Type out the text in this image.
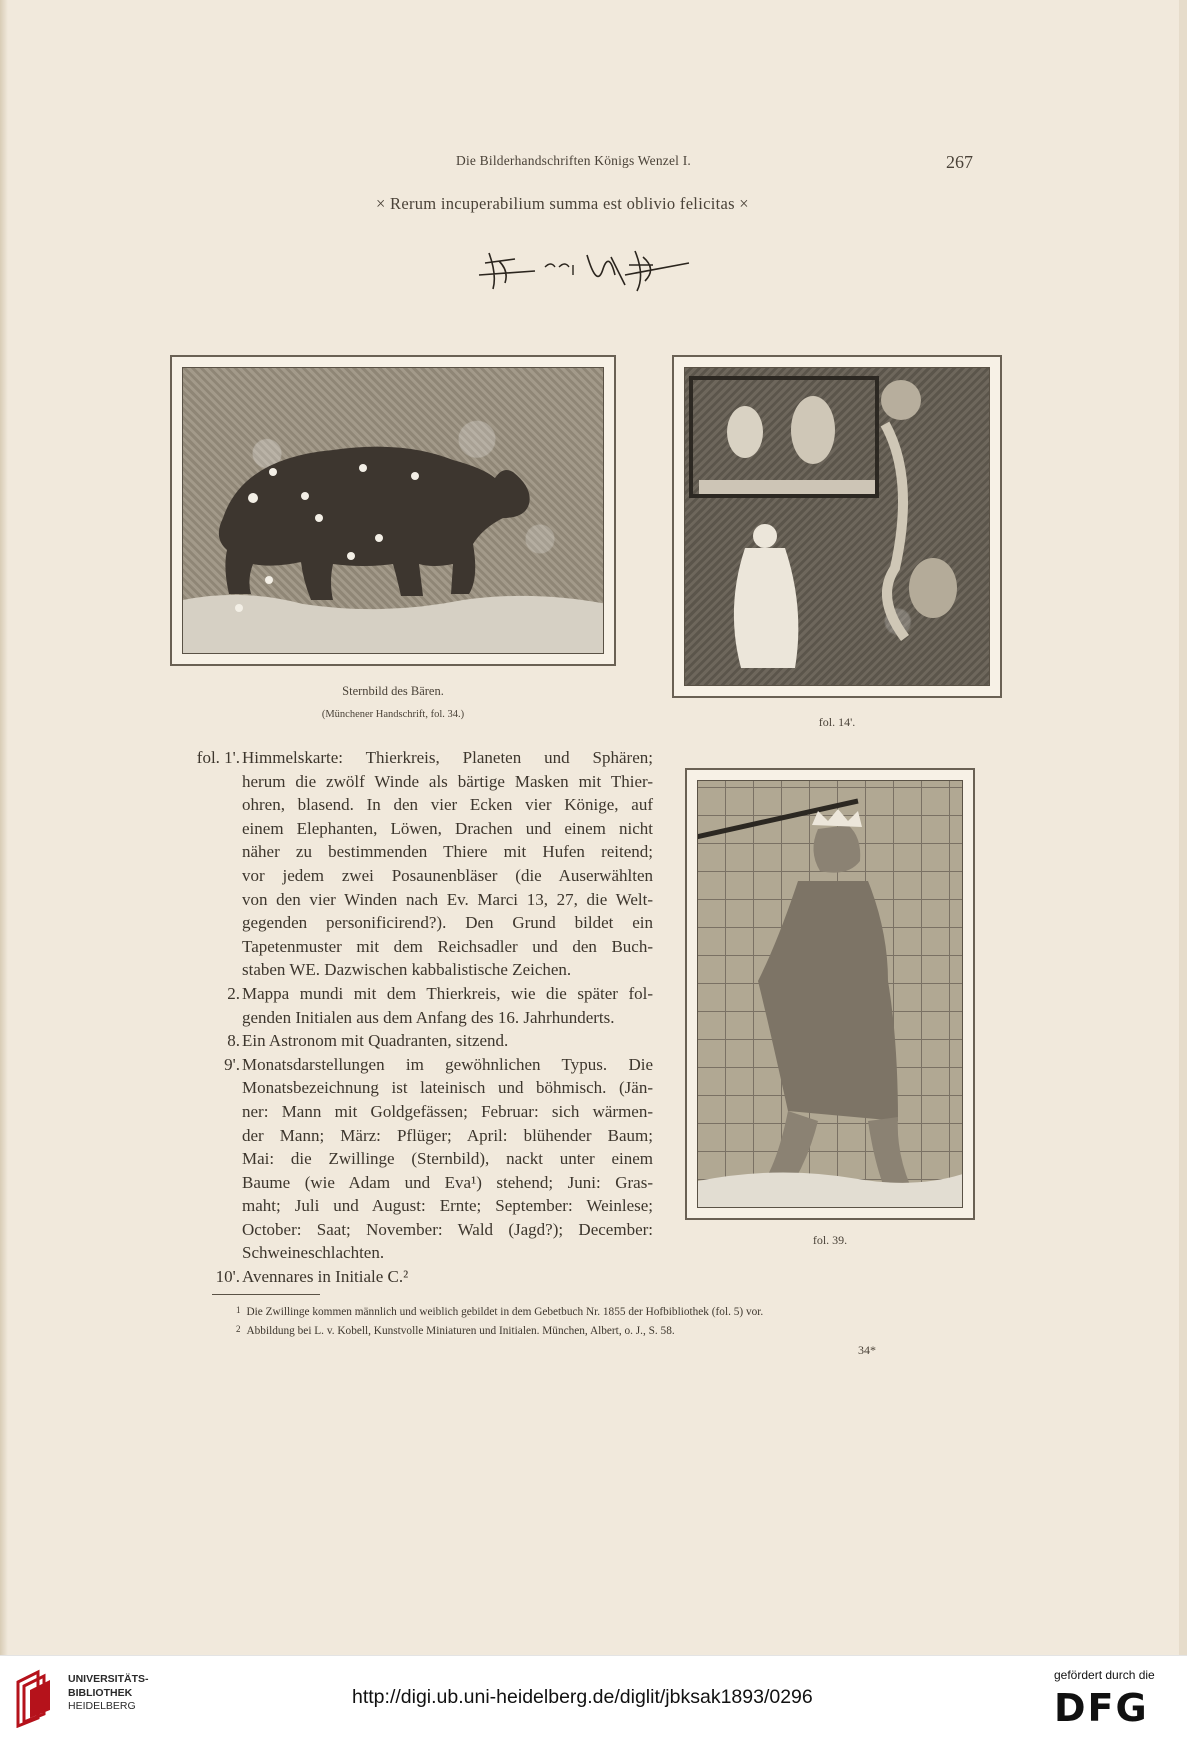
Die Bilderhandschriften Königs Wenzel I.	267
× Rerum incuperabilium summa est oblivio felicitas ×
Sternbild des Bären.
(Münchener Handschrift, fol. 34.)
fol. 14'.
fol. 39.
fol. 1'. Himmelskarte: Thierkreis, Planeten und Sphären;
herum die zwölf Winde als bärtige Masken mit Thier-
ohren, blasend. In den vier Ecken vier Könige, auf
einem Elephanten, Löwen, Drachen und einem nicht
näher zu bestimmenden Thiere mit Hufen reitend;
vor jedem zwei Posaunenbläser (die Auserwählten
von den vier Winden nach Ev. Marci 13, 27, die Welt-
gegenden personificirend?). Den Grund bildet ein
Tapetenmuster mit dem Reichsadler und den Buch-
staben WE. Dazwischen kabbalistische Zeichen.
2. Mappa mundi mit dem Thierkreis, wie die später fol-
genden Initialen aus dem Anfang des 16. Jahrhunderts.
8. Ein Astronom mit Quadranten, sitzend.
9'. Monatsdarstellungen im gewöhnlichen Typus. Die
Monatsbezeichnung ist lateinisch und böhmisch. (Jän-
ner: Mann mit Goldgefässen; Februar: sich wärmen-
der Mann; März: Pflüger; April: blühender Baum;
Mai: die Zwillinge (Sternbild), nackt unter einem
Baume (wie Adam und Eva¹) stehend; Juni: Gras-
maht; Juli und August: Ernte; September: Weinlese;
October: Saat; November: Wald (Jagd?); December:
Schweineschlachten.
10'. Avennares in Initiale C.²
1 Die Zwillinge kommen männlich und weiblich gebildet in dem Gebetbuch Nr. 1855 der Hofbibliothek (fol. 5) vor.
2 Abbildung bei L. v. Kobell, Kunstvolle Miniaturen und Initialen. München, Albert, o. J., S. 58.
34*
UNIVERSITÄTS-
BIBLIOTHEK
HEIDELBERG	http://digi.ub.uni-heidelberg.de/diglit/jbksak1893/0296
gefördert durch die
DFG
